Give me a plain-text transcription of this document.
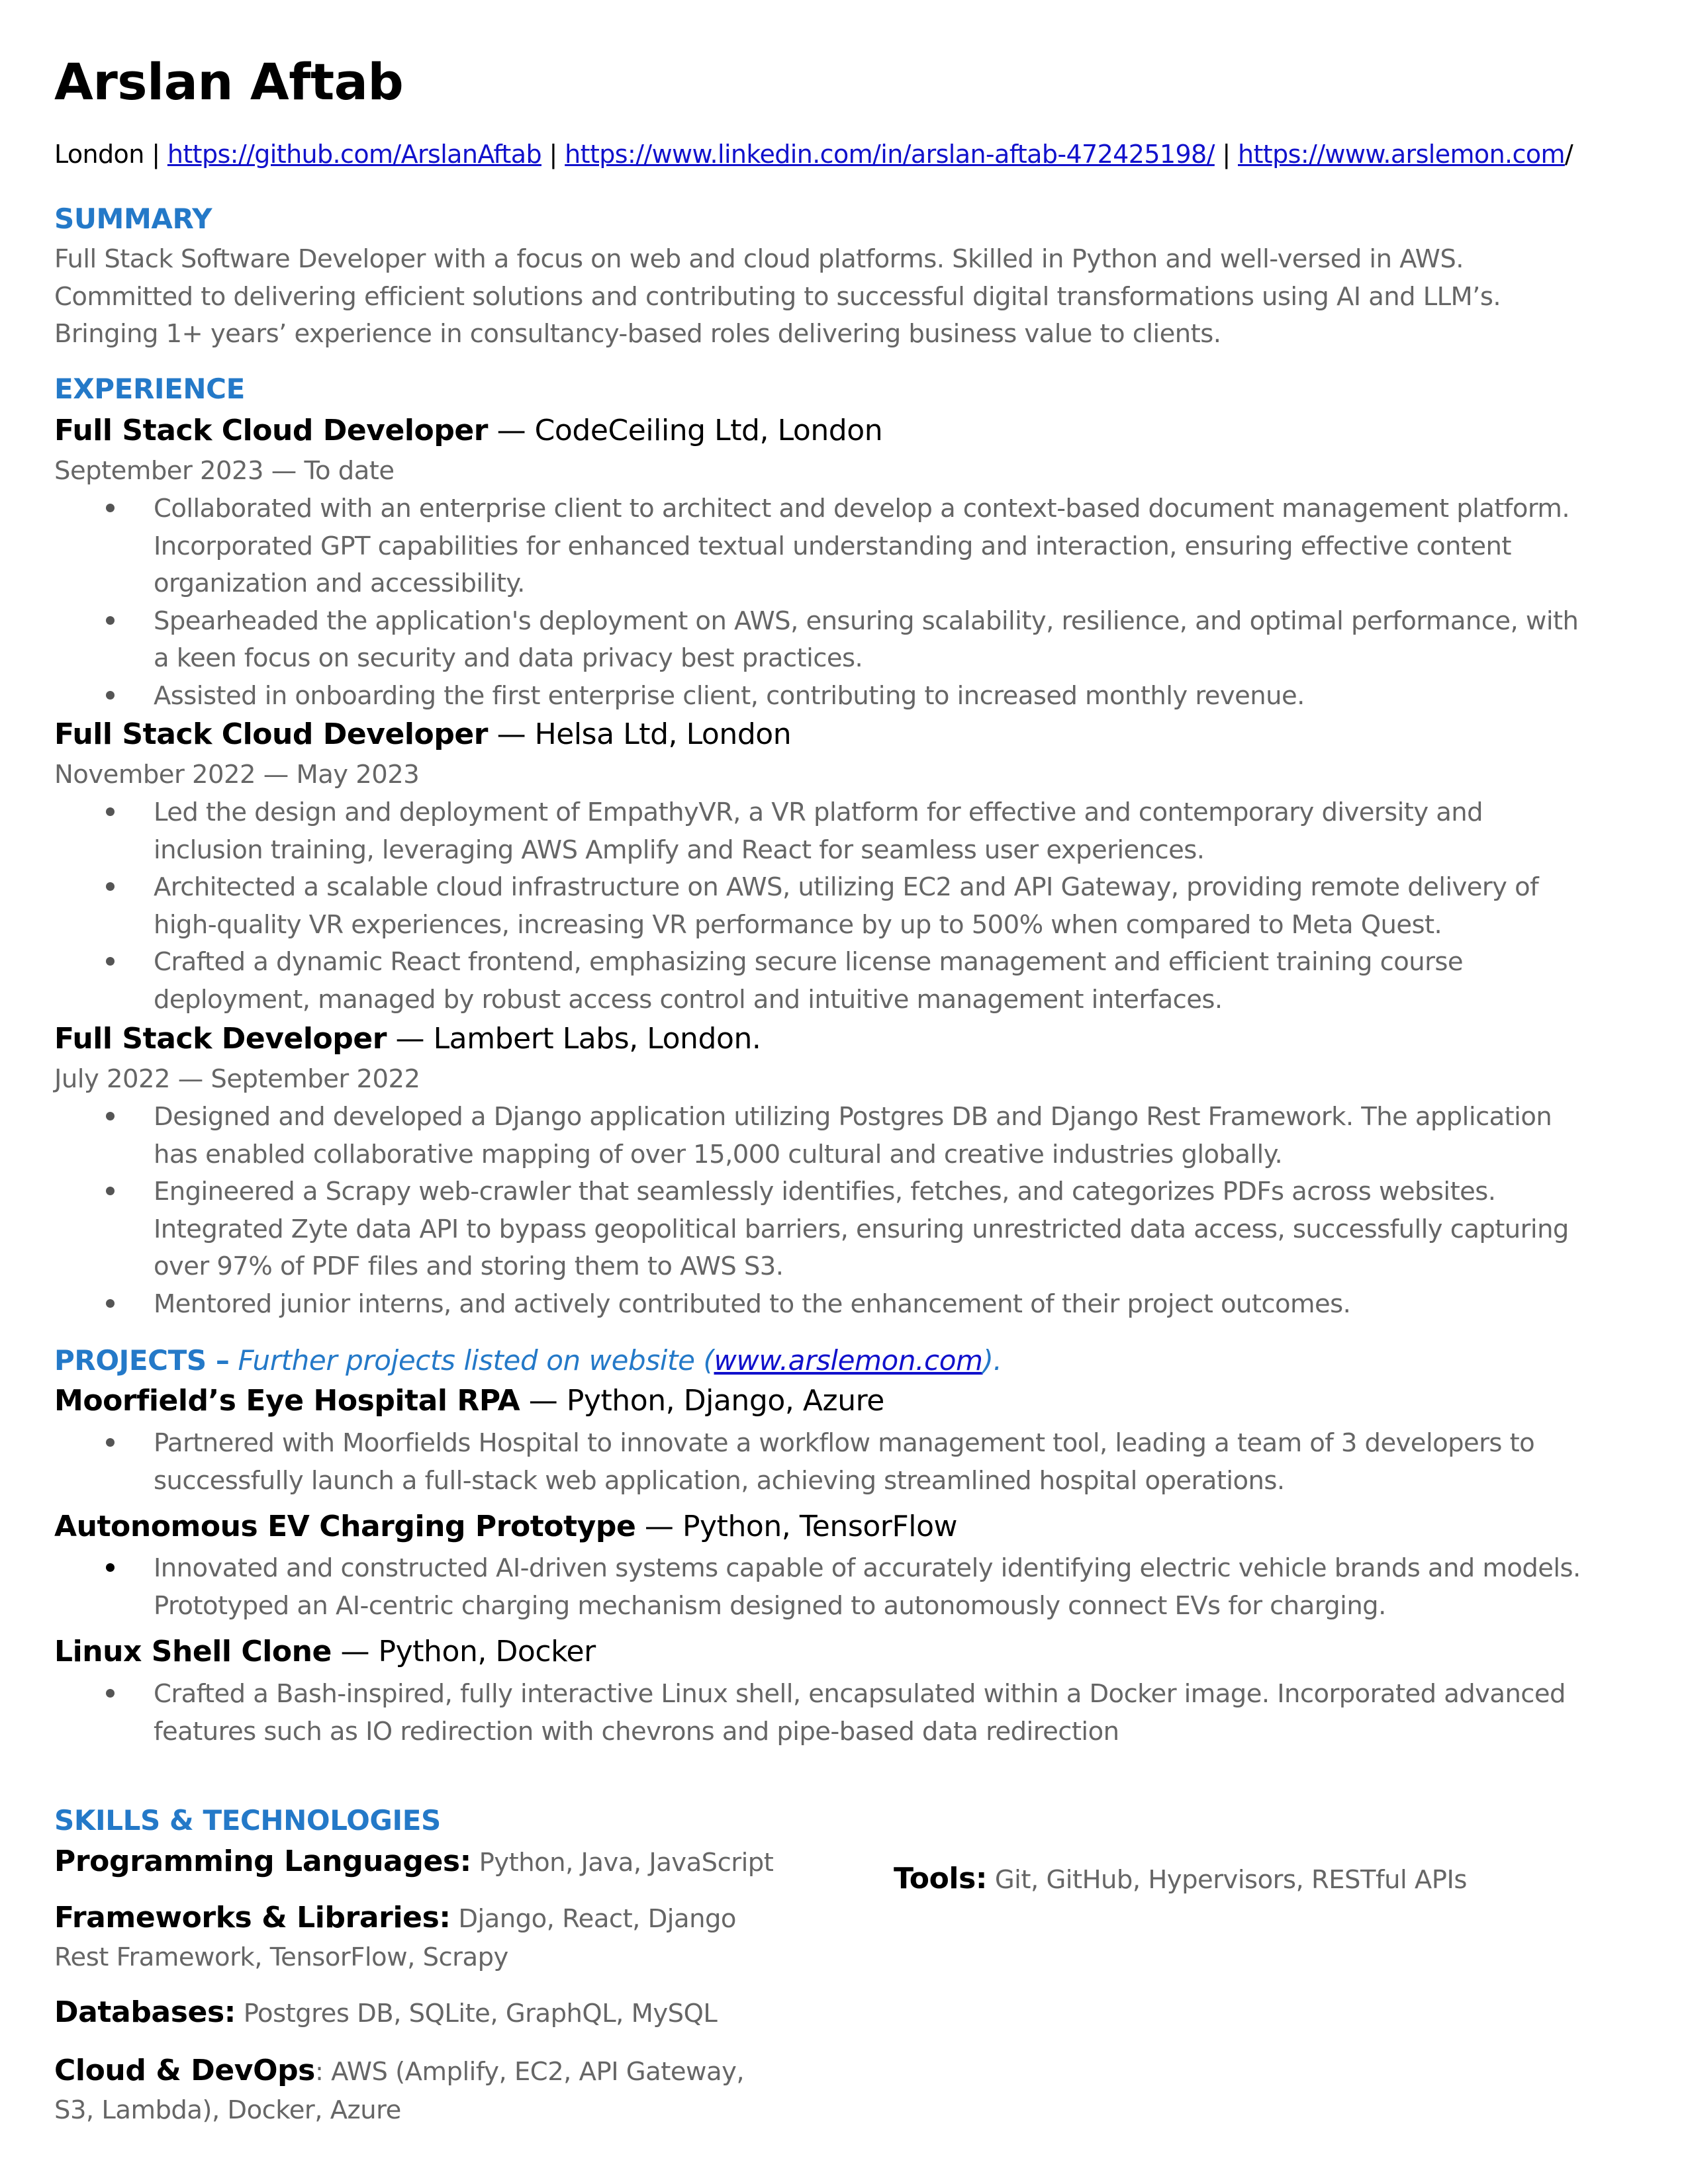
Arslan Aftab
London | https://github.com/ArslanAftab | https://www.linkedin.com/in/arslan-aftab-472425198/ | https://www.arslemon.com/
SUMMARY
Full Stack Software Developer with a focus on web and cloud platforms. Skilled in Python and well-versed in AWS. Committed to delivering efficient solutions and contributing to successful digital transformations using AI and LLM’s. Bringing 1+ years’ experience in consultancy-based roles delivering business value to clients.
EXPERIENCE
Full Stack Cloud Developer — CodeCeiling Ltd, London
September 2023 — To date
Collaborated with an enterprise client to architect and develop a context-based document management platform. Incorporated GPT capabilities for enhanced textual understanding and interaction, ensuring effective content organization and accessibility.
Spearheaded the application's deployment on AWS, ensuring scalability, resilience, and optimal performance, with a keen focus on security and data privacy best practices.
Assisted in onboarding the first enterprise client, contributing to increased monthly revenue.
Full Stack Cloud Developer — Helsa Ltd, London
November 2022 — May 2023
Led the design and deployment of EmpathyVR, a VR platform for effective and contemporary diversity and inclusion training, leveraging AWS Amplify and React for seamless user experiences.
Architected a scalable cloud infrastructure on AWS, utilizing EC2 and API Gateway, providing remote delivery of high-quality VR experiences, increasing VR performance by up to 500% when compared to Meta Quest.
Crafted a dynamic React frontend, emphasizing secure license management and efficient training course deployment, managed by robust access control and intuitive management interfaces.
Full Stack Developer — Lambert Labs, London.
July 2022 — September 2022
Designed and developed a Django application utilizing Postgres DB and Django Rest Framework. The application has enabled collaborative mapping of over 15,000 cultural and creative industries globally.
Engineered a Scrapy web-crawler that seamlessly identifies, fetches, and categorizes PDFs across websites. Integrated Zyte data API to bypass geopolitical barriers, ensuring unrestricted data access, successfully capturing over 97% of PDF files and storing them to AWS S3.
Mentored junior interns, and actively contributed to the enhancement of their project outcomes.
PROJECTS – Further projects listed on website (www.arslemon.com).
Moorfield’s Eye Hospital RPA — Python, Django, Azure
Partnered with Moorfields Hospital to innovate a workflow management tool, leading a team of 3 developers to successfully launch a full-stack web application, achieving streamlined hospital operations.
Autonomous EV Charging Prototype — Python, TensorFlow
Innovated and constructed AI-driven systems capable of accurately identifying electric vehicle brands and models. Prototyped an AI-centric charging mechanism designed to autonomously connect EVs for charging.
Linux Shell Clone — Python, Docker
Crafted a Bash-inspired, fully interactive Linux shell, encapsulated within a Docker image. Incorporated advanced features such as IO redirection with chevrons and pipe-based data redirection
SKILLS & TECHNOLOGIES
Programming Languages: Python, Java, JavaScript
Frameworks & Libraries: Django, React, Django
Rest Framework, TensorFlow, Scrapy
Databases: Postgres DB, SQLite, GraphQL, MySQL
Cloud & DevOps: AWS (Amplify, EC2, API Gateway,
S3, Lambda), Docker, Azure
Tools: Git, GitHub, Hypervisors, RESTful APIs
